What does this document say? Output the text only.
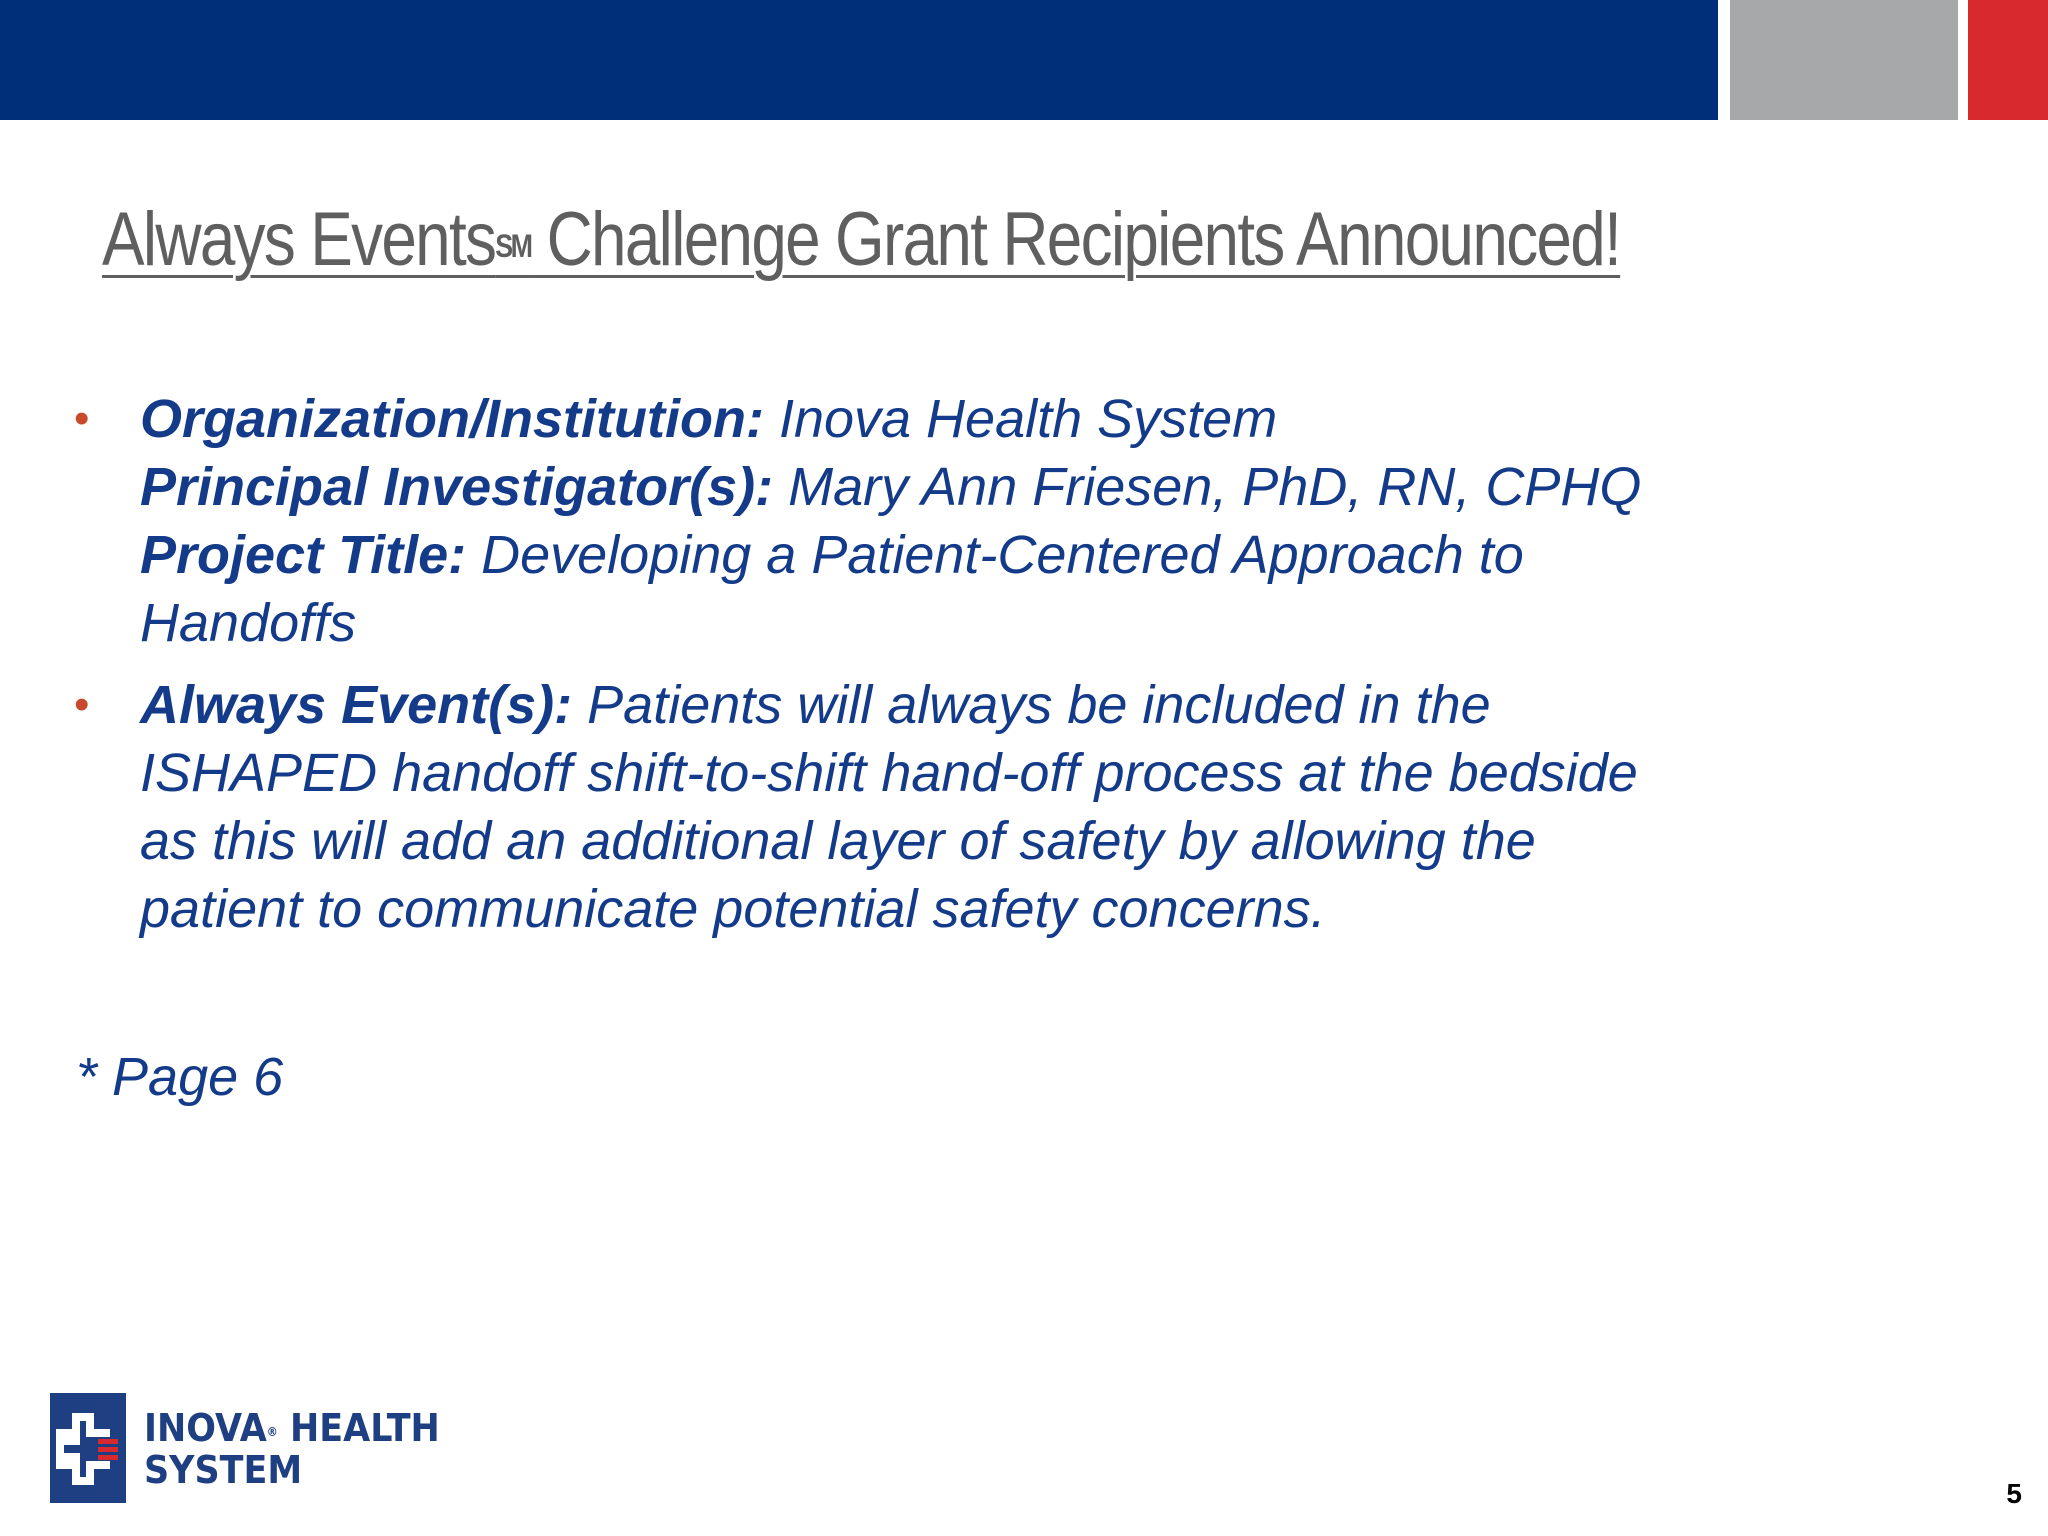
Always Events℠ Challenge Grant Recipients Announced!
• Organization/Institution: Inova Health System
Principal Investigator(s): Mary Ann Friesen, PhD, RN, CPHQ
Project Title: Developing a Patient-Centered Approach to
Handoffs
• Always Event(s): Patients will always be included in the
ISHAPED handoff shift-to-shift hand-off process at the bedside
as this will add an additional layer of safety by allowing the
patient to communicate potential safety concerns.
* Page 6
INOVA® HEALTH
SYSTEM
5
